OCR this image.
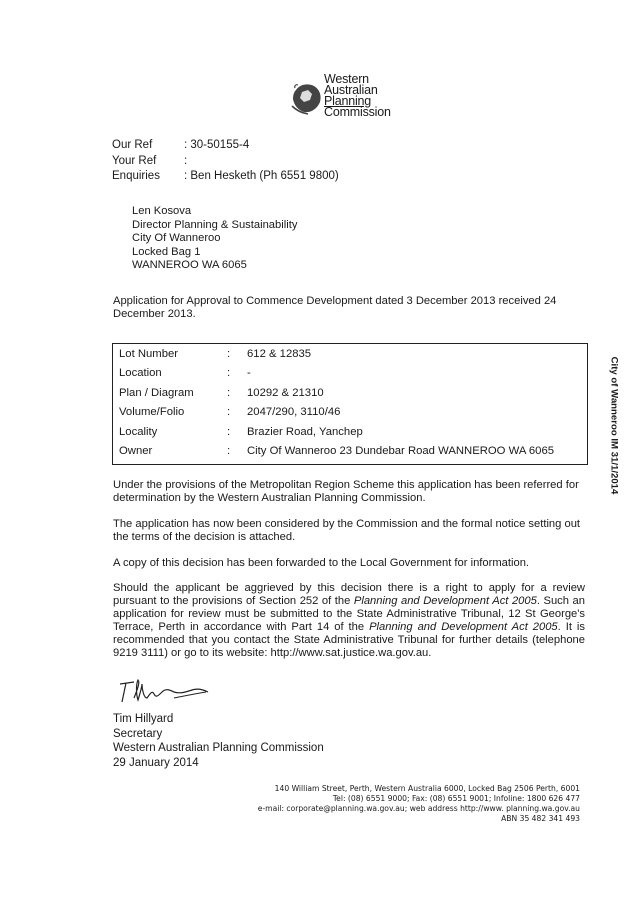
Western
Australian
Planning
Commission
Our Ref	: 30-50155-4
Your Ref	:
Enquiries	: Ben Hesketh (Ph 6551 9800)
Len Kosova
Director Planning & Sustainability
City Of Wanneroo
Locked Bag 1
WANNEROO WA 6065
Application for Approval to Commence Development dated 3 December 2013 received 24 December 2013.
Lot Number	:	612 & 12835
Location	:	-
Plan / Diagram	:	10292 & 21310
Volume/Folio	:	2047/290, 3110/46
Locality	:	Brazier Road, Yanchep
Owner	:	City Of Wanneroo 23 Dundebar Road WANNEROO WA 6065
Under the provisions of the Metropolitan Region Scheme this application has been referred for determination by the Western Australian Planning Commission.
The application has now been considered by the Commission and the formal notice setting out the terms of the decision is attached.
A copy of this decision has been forwarded to the Local Government for information.
Should the applicant be aggrieved by this decision there is a right to apply for a review pursuant to the provisions of Section 252 of the Planning and Development Act 2005. Such an application for review must be submitted to the State Administrative Tribunal, 12 St George's Terrace, Perth in accordance with Part 14 of the Planning and Development Act 2005. It is recommended that you contact the State Administrative Tribunal for further details (telephone 9219 3111) or go to its website: http://www.sat.justice.wa.gov.au.
Tim Hillyard
Secretary
Western Australian Planning Commission
29 January 2014
140 William Street, Perth, Western Australia 6000, Locked Bag 2506 Perth, 6001
Tel: (08) 6551 9000; Fax: (08) 6551 9001; Infoline: 1800 626 477
e-mail: corporate@planning.wa.gov.au; web address http://www. planning.wa.gov.au
ABN 35 482 341 493
City of Wanneroo IM 31/1/2014
